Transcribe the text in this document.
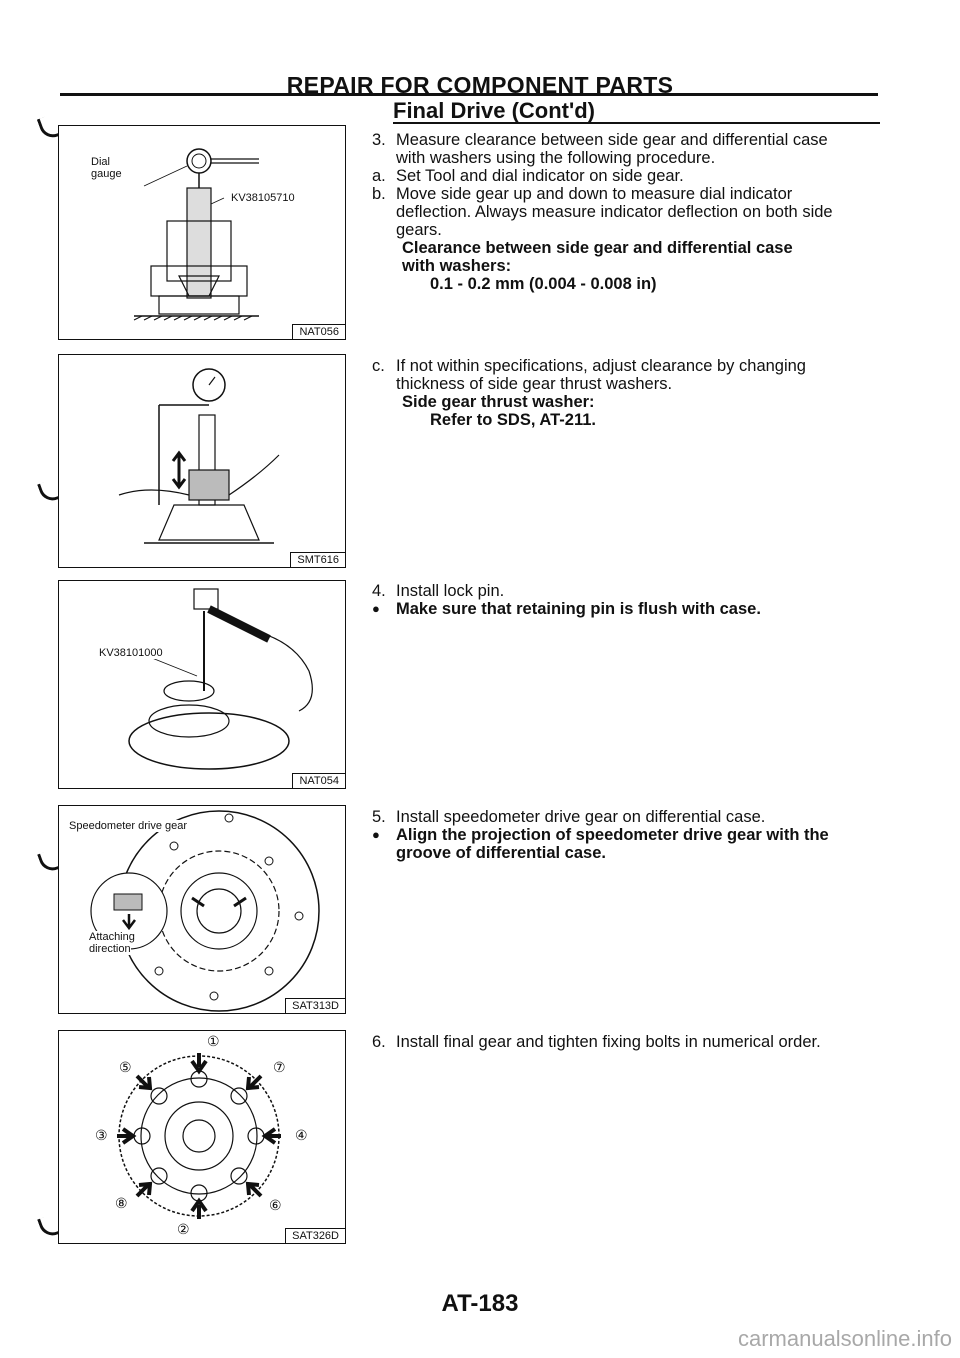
REPAIR FOR COMPONENT PARTS
Final Drive (Cont'd)
Dial
gauge
KV38105710
NAT056
SMT616
KV38101000
NAT054
Speedometer drive gear
Attaching
direction
SAT313D
①
②
③	④
⑤
⑥
⑦
⑧
SAT326D
3. Measure clearance between side gear and differential case
with washers using the following procedure.
a. Set Tool and dial indicator on side gear.
b. Move side gear up and down to measure dial indicator
deflection. Always measure indicator deflection on both side
gears.
Clearance between side gear and differential case
with washers:
0.1 - 0.2 mm (0.004 - 0.008 in)
c. If not within specifications, adjust clearance by changing
thickness of side gear thrust washers.
Side gear thrust washer:
Refer to SDS, AT-211.
4. Install lock pin.
● Make sure that retaining pin is flush with case.
5. Install speedometer drive gear on differential case.
● Align the projection of speedometer drive gear with the
groove of differential case.
6. Install final gear and tighten fixing bolts in numerical order.
AT-183
carmanualsonline.info
